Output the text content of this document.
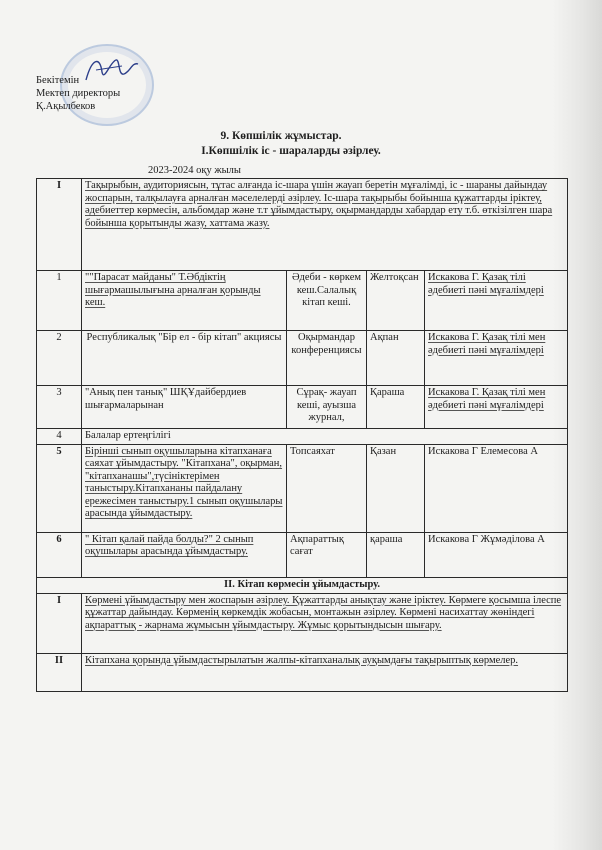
Бекітемін
Мектеп директоры
Қ.Ақылбеков
9. Көпшілік жұмыстар.
І.Көпшілік іс - шараларды әзірлеу.
2023-2024 оқу жылы
І	Тақырыбын, аудиториясын, тұтас алғанда іс-шара үшін жауап беретін мұғалімді, іс - шараны дайындау жоспарын, талқылауға арналған мәселелерді әзірлеу. Іс-шара тақырыбы бойынша құжаттарды іріктеу, әдебиеттер көрмесін, альбомдар және т.т ұйымдастыру, оқырмандарды хабардар ету т.б. өткізілген шара бойынша қорытынды жазу, хаттама жазу.			
1	""Парасат майданы" Т.Әбдіктің шығармашылығына арналған қорынды кеш.	Әдеби - көркем кеш.Салалық кітап кеші.	Желтоқсан	Искакова Г. Қазақ тілі әдебиеті пәні мұғалімдері
2	Республикалық "Бір ел - бір кітап" акциясы	Оқырмандар конференциясы	Ақпан	Искакова Г. Қазақ тілі мен әдебиеті пәні мұғалімдері
3	"Анық пен танық" ШҚҰдайбердиев шығармаларынан	Сұрақ- жауап кеші, ауызша журнал,	Қараша	Искакова Г. Қазақ тілі мен әдебиеті пәні мұғалімдері
4	Балалар ертеңгілігі			
5	Бірінші сынып оқушыларына кітапханаға саяхат ұйымдастыру. "Кітапхана", оқырман, "кітапханашы",түсініктерімен таныстыру.Кітапхананы пайдалану ережесімен таныстыру.1 сынып оқушылары арасында ұйымдастыру.	Топсаяхат	Қазан	Искакова Г Елемесова А
6	" Кітап қалай пайда болды?" 2 сынып оқушылары арасында ұйымдастыру.	Ақпараттық сағат	қараша	Искакова Г Жұмәділова А
ІІ. Кітап көрмесін ұйымдастыру.				
І	Көрмені ұйымдастыру мен жоспарын әзірлеу. Құжаттарды анықтау және іріктеу. Көрмеге қосымша ілеспе құжаттар дайындау. Көрменің көркемдік жобасын, монтажын әзірлеу. Көрмені насихаттау жөніндегі ақпараттық - жарнама жұмысын ұйымдастыру. Жұмыс қорытындысын шығару.			
ІІ	Кітапхана қорында ұйымдастырылатын жалпы-кітапханалық ауқымдағы тақырыптық көрмелер.			
